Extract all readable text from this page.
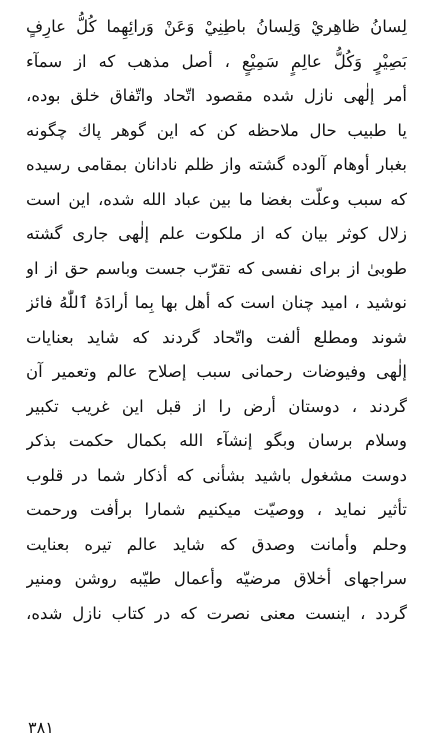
لِسانُ ظاهِريْ وَلِسانُ باطِنِيْ وَعَنْ وَرائِهِما كُلُّ عارِفٍ
بَصِيْرٍ وَكُلُّ عالِمٍ سَمِيْعٍ ، أصل مذهب كه از سمآء
أمر إلٰهى نازل شده مقصود اتّحاد واتّفاق خلق بوده،
يا طبيب حال ملاحظه كن كه اين گوهر پاك چگونه
بغبار أوهام آلوده گشته واز ظلم نادانان بمقامى رسيده
كه سبب وعلّت بغضا ما بين عباد الله شده، اين است
زلال كوثر بيان كه از ملكوت علم إلٰهى جارى گشته
طوبىٰ از براى نفسى كه تقرّب جست وباسم حق از او
نوشيد ، اميد چنان است كه أهل بها بِما أرادَهُ ٱللّٰهُ فائز
شوند ومطلع ألفت واتّحاد گردند كه شايد بعنايات
إلٰهى وفيوضات رحمانى سبب إصلاح عالم وتعمير آن
گردند ، دوستان أرض را از قبل اين غريب تكبير
وسلام برسان وبگو إنشآء الله بكمال حكمت بذكر
دوست مشغول باشيد بشأنى كه أذكار شما در قلوب
تأثير نمايد ، ووصيّت ميكنيم شمارا برأفت ورحمت
وحلم وأمانت وصدق كه شايد عالم تيره بعنايت
سراجهاى أخلاق مرضيّه وأعمال طيّبه روشن ومنير
گردد ، اينست معنى نصرت كه در كتاب نازل شده،
٣٨١
